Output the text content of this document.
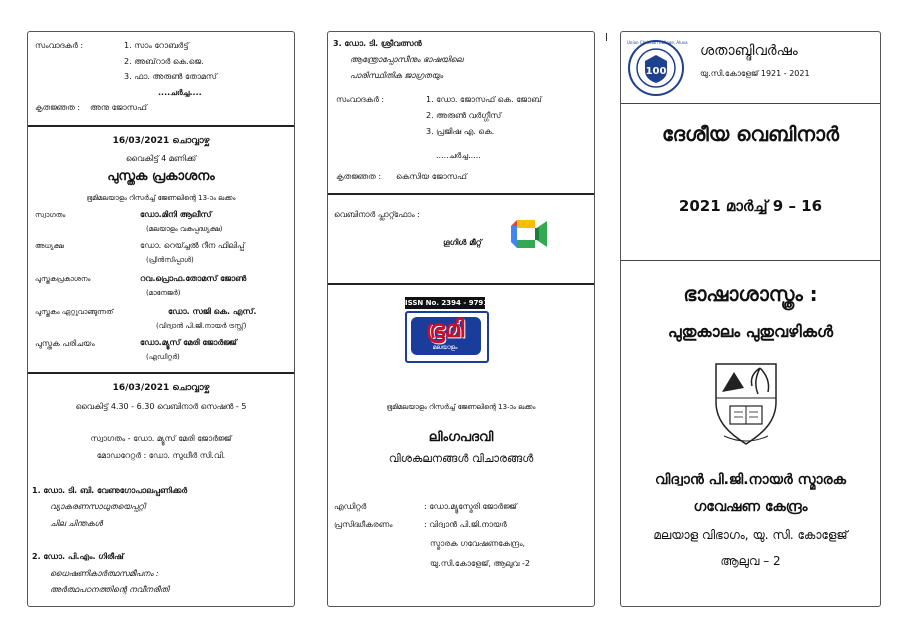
സംവാദകർ :	1. സാം റോബർട്ട്
2. അബ്‌റാർ കെ.ജെ.
3. ഫാ. അരുൺ തോമസ്
....ചർച്ച....
കൃതജ്ഞത : അനു ജോസഫ്
16/03/2021 ചൊവ്വാഴ്ച
വൈകിട്ട് 4 മണിക്ക്
പുസ്തക പ്രകാശനം
ഭൂമിമലയാളം റിസർച്ച് ജേണലിന്റെ 13-ാം ലക്കം
സ്വാഗതം	ഡോ.മിനി ആലീസ്
(മലയാളം വകുപ്പദ്ധ്യക്ഷ)
അധ്യക്ഷ	ഡോ. റെയ്ച്ചൽ റീന ഫിലിപ്പ്
(പ്രിൻസിപ്പാൾ)
പുസ്തകപ്രകാശനം	റവ.പ്രൊഫ.തോമസ് ജോൺ
(മാനേജർ)
പുസ്തകം ഏറ്റുവാങ്ങുന്നത്	ഡോ. സജി കെ. എസ്.
(വിദ്വാൻ പി.ജി.നായർ ട്രസ്റ്റ്)
പുസ്തക പരിചയം	ഡോ.മ്യൂസ് മേരി ജോർജ്ജ്
(എഡിറ്റർ)
16/03/2021 ചൊവ്വാഴ്ച
വൈകിട്ട് 4.30 - 6.30 വെബിനാർ സെഷൻ - 5
സ്വാഗതം - ഡോ. മ്യൂസ് മേരി ജോർജ്ജ്
മോഡറേറ്റർ : ഡോ. സുധീർ സി.വി.
1. ഡോ. ടി. ബി. വേണുഗോപാലപ്പണിക്കർ
വ്യാകരണസാധുതയെപ്പറ്റി
ചില ചിന്തകൾ
2. ഡോ. പി.എം. ഗിരീഷ്
ധൈഷണികാർത്ഥസമീപനം :
അർത്ഥപഠനത്തിന്റെ നവീനരീതി
3. ഡോ. ടി. ശ്രീവത്സൻ
ആന്ത്രോപ്പോസീനും ഭാഷയിലെ
പാരിസ്ഥിതിക ജാഗ്രതയും
സംവാദകർ :	1. ഡോ. ജോസഫ് കെ. ജോബ്
2. അരുൺ വർഗ്ഗീസ്
3. പ്രജിഷ എ. കെ.
.....ചർച്ച.....
കൃതജ്ഞത : കെസിയ ജോസഫ്
വെബിനാർ പ്ലാറ്റ്ഫോം :
ഗൂഗിൾ മീറ്റ്
ISSN No. 2394 - 9791
ഭൂമി
മലയാളം
ഭൂമിമലയാളം റിസർച്ച് ജേണലിന്റെ 13-ാം ലക്കം
ലിംഗപദവി
വിശകലനങ്ങൾ വിചാരങ്ങൾ
എഡിറ്റർ	: ഡോ.മ്യൂസ്മേരി ജോർജ്ജ്
പ്രസിദ്ധീകരണം	: വിദ്വാൻ പി.ജി.നായർ
സ്മാരക ഗവേഷണകേന്ദ്രം,
യു.സി.കോളേജ്, ആലുവ -2
100
Union Christian College, Aluva
ശതാബ്ദിവർഷം
യു.സി.കോളേജ് 1921 - 2021
ദേശീയ വെബിനാർ
2021 മാർച്ച് 9 – 16
ഭാഷാശാസ്ത്രം :
പുതുകാലം പുതുവഴികൾ
വിദ്വാൻ പി.ജി.നായർ സ്മാരക
ഗവേഷണ കേന്ദ്രം
മലയാള വിഭാഗം, യു. സി. കോളേജ്
ആലുവ – 2
